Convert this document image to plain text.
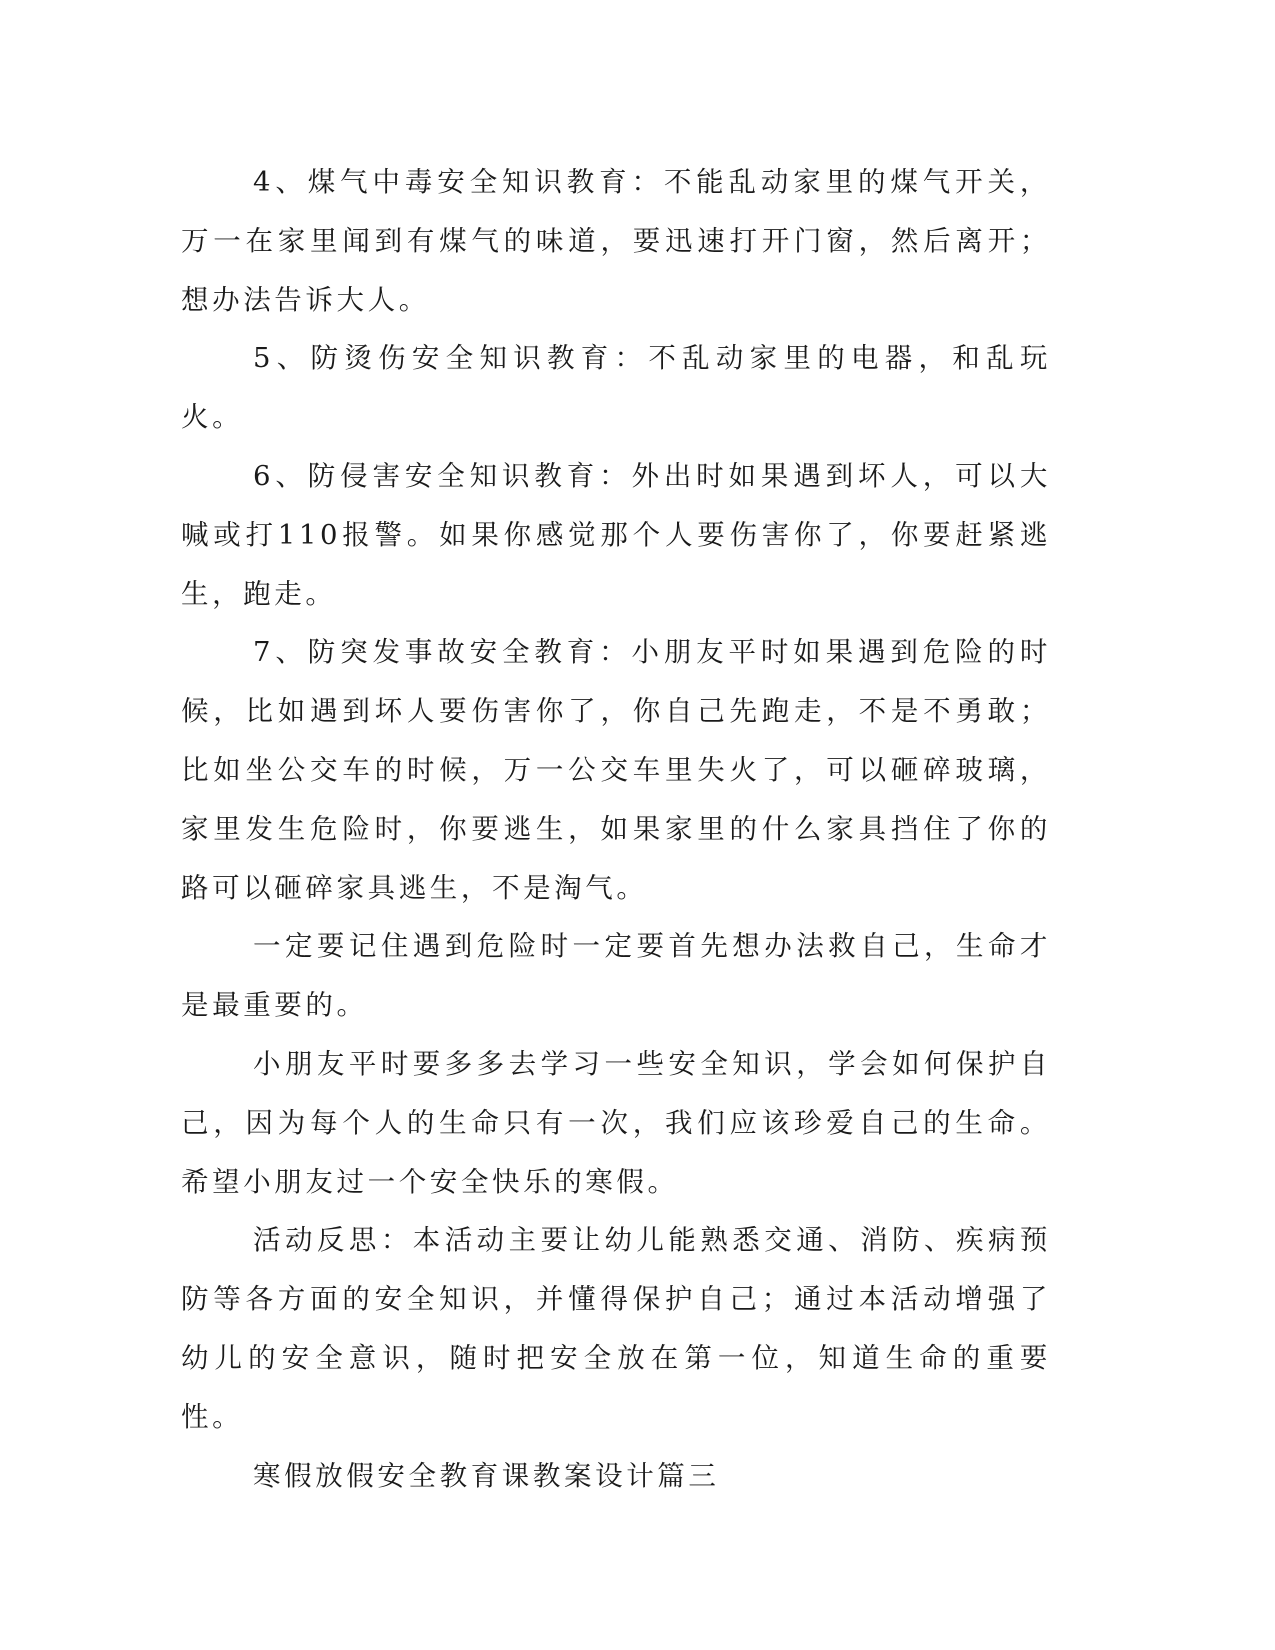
4、煤气中毒安全知识教育：不能乱动家里的煤气开关，万一在家里闻到有煤气的味道，要迅速打开门窗，然后离开；想办法告诉大人。

5、防烫伤安全知识教育：不乱动家里的电器，和乱玩火。

6、防侵害安全知识教育：外出时如果遇到坏人，可以大喊或打110报警。如果你感觉那个人要伤害你了，你要赶紧逃生，跑走。

7、防突发事故安全教育：小朋友平时如果遇到危险的时候，比如遇到坏人要伤害你了，你自己先跑走，不是不勇敢；比如坐公交车的时候，万一公交车里失火了，可以砸碎玻璃，家里发生危险时，你要逃生，如果家里的什么家具挡住了你的路可以砸碎家具逃生，不是淘气。

一定要记住遇到危险时一定要首先想办法救自己，生命才是最重要的。

小朋友平时要多多去学习一些安全知识，学会如何保护自己，因为每个人的生命只有一次，我们应该珍爱自己的生命。希望小朋友过一个安全快乐的寒假。

活动反思：本活动主要让幼儿能熟悉交通、消防、疾病预防等各方面的安全知识，并懂得保护自己；通过本活动增强了幼儿的安全意识，随时把安全放在第一位，知道生命的重要性。

寒假放假安全教育课教案设计篇三
